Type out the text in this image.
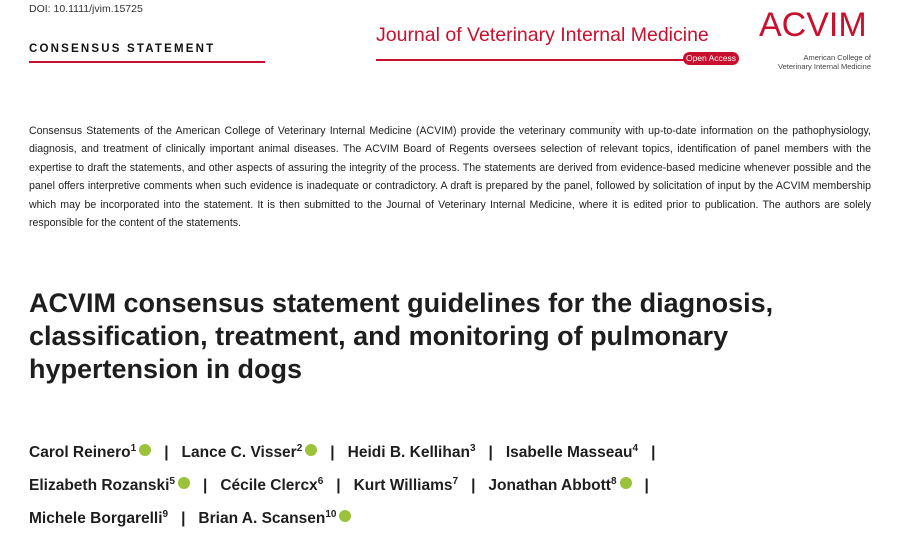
DOI: 10.1111/jvim.15725
CONSENSUS STATEMENT
Journal of Veterinary Internal Medicine
Open Access
ACVIM
American College of
Veterinary Internal Medicine

Consensus Statements of the American College of Veterinary Internal Medicine (ACVIM) provide the veterinary community with up-to-date information on the pathophysiology, diagnosis, and treatment of clinically important animal diseases. The ACVIM Board of Regents oversees selection of relevant topics, identification of panel members with the expertise to draft the statements, and other aspects of assuring the integrity of the process. The statements are derived from evidence-based medicine whenever possible and the panel offers interpretive comments when such evidence is inadequate or contradictory. A draft is prepared by the panel, followed by solicitation of input by the ACVIM membership which may be incorporated into the statement. It is then submitted to the Journal of Veterinary Internal Medicine, where it is edited prior to publication. The authors are solely responsible for the content of the statements.

ACVIM consensus statement guidelines for the diagnosis, classification, treatment, and monitoring of pulmonary hypertension in dogs
Carol Reinero$^1$ | Lance C. Visser$^2$ | Heidi B. Kellihan$^3$ | Isabelle Masseau$^4$ |
Elizabeth Rozanski$^5$ | Cécile Clercx$^6$ | Kurt Williams$^7$ | Jonathan Abbott$^8$ |
Michele Borgarelli$^9$ | Brian A. Scansen$^{10}$
